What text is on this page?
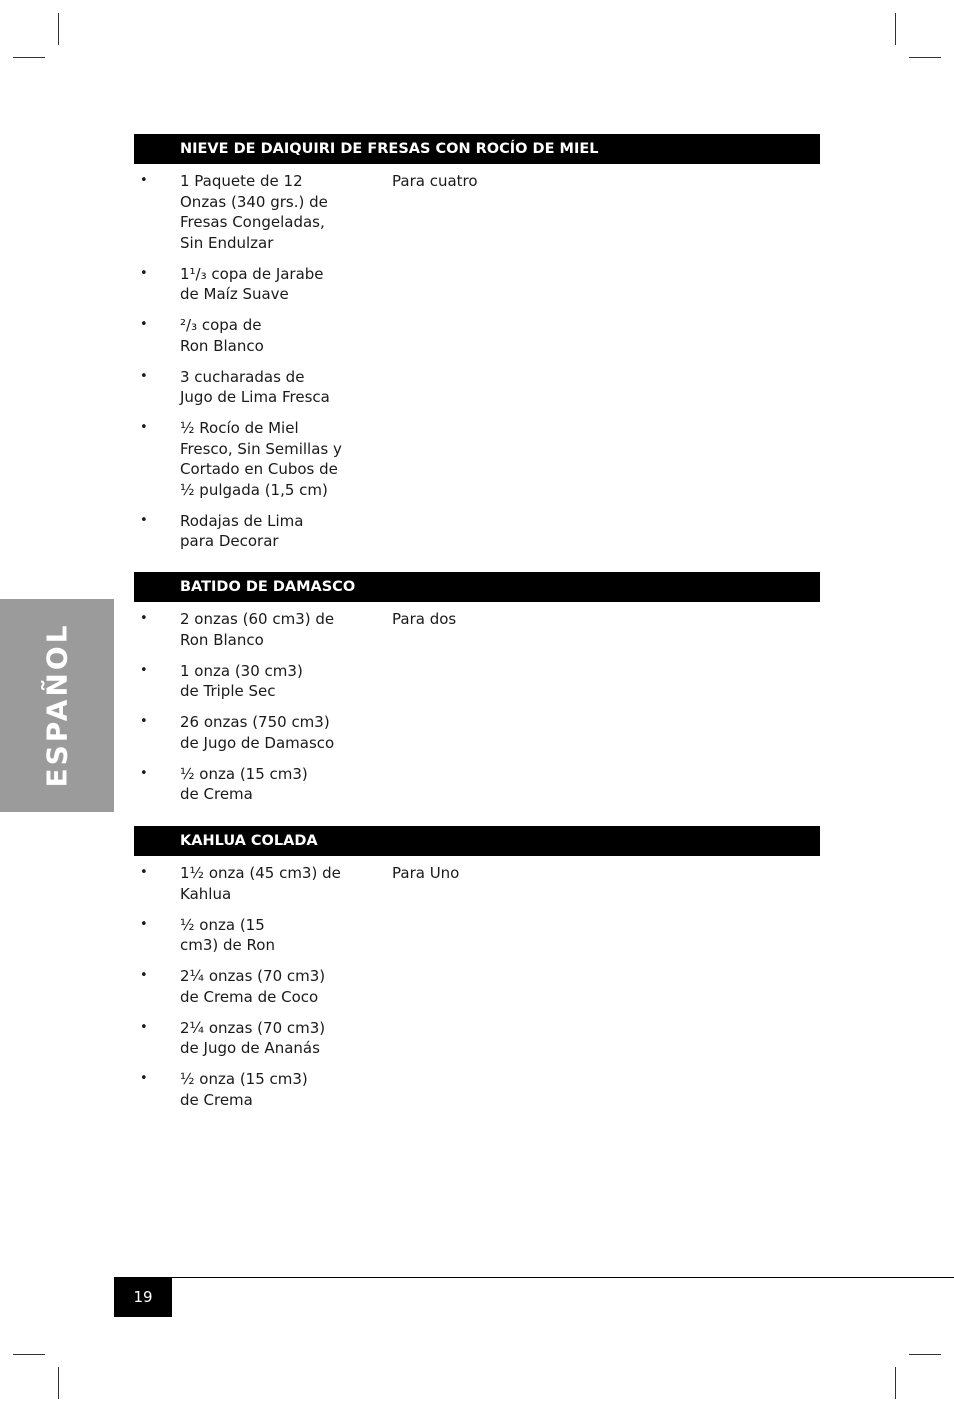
ESPAÑOL
NIEVE DE DAIQUIRI DE FRESAS CON ROCÍO DE MIEL
Para cuatro
• 1 Paquete de 12
Onzas (340 grs.) de
Fresas Congeladas,
Sin Endulzar
• 1¹/₃ copa de Jarabe
de Maíz Suave
• ²/₃ copa de
Ron Blanco
• 3 cucharadas de
Jugo de Lima Fresca
• ½ Rocío de Miel
Fresco, Sin Semillas y
Cortado en Cubos de
½ pulgada (1,5 cm)
• Rodajas de Lima
para Decorar
BATIDO DE DAMASCO
Para dos
• 2 onzas (60 cm3) de
Ron Blanco
• 1 onza (30 cm3)
de Triple Sec
• 26 onzas (750 cm3)
de Jugo de Damasco
• ½ onza (15 cm3)
de Crema
KAHLUA COLADA
Para Uno
• 1½ onza (45 cm3) de
Kahlua
• ½ onza (15
cm3) de Ron
• 2¼ onzas (70 cm3)
de Crema de Coco
• 2¼ onzas (70 cm3)
de Jugo de Ananás
• ½ onza (15 cm3)
de Crema
19
